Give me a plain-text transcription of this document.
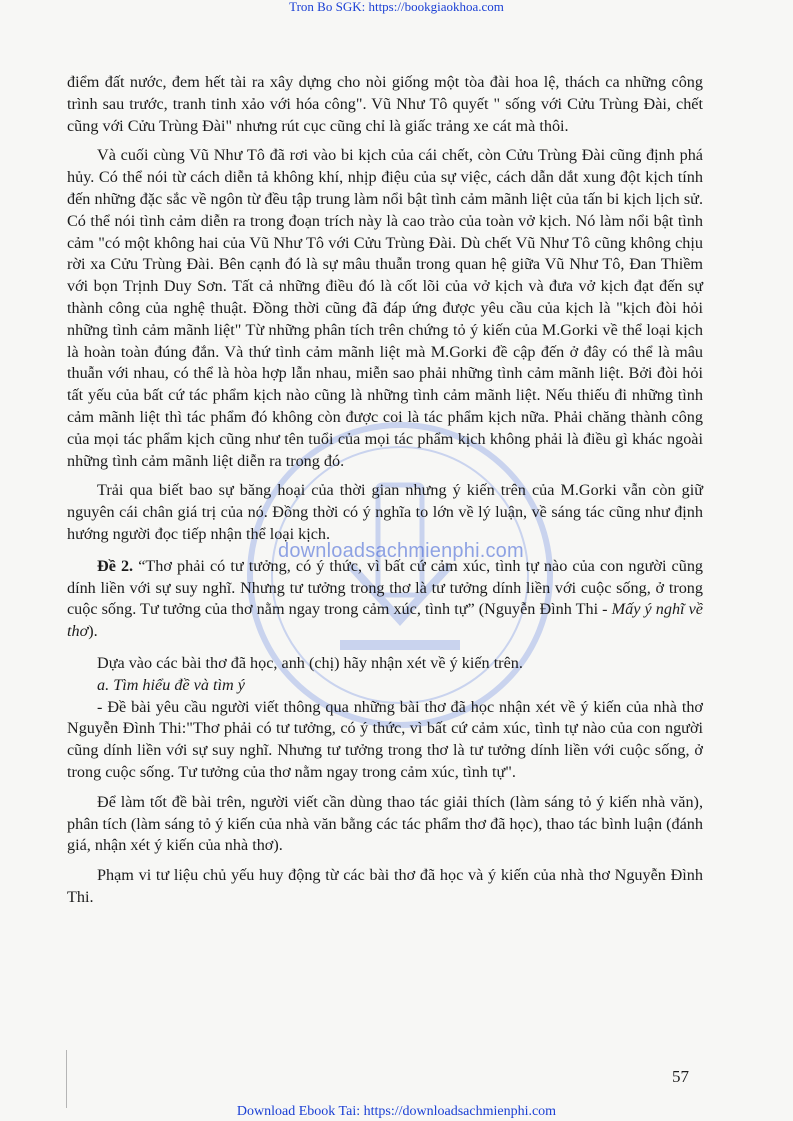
Tron Bo SGK: https://bookgiaokhoa.com
downloadsachmienphi.com

điểm đất nước, đem hết tài ra xây dựng cho nòi giống một tòa đài hoa lệ, thách ca những công trình sau trước, tranh tinh xảo với hóa công". Vũ Như Tô quyết " sống với Cửu Trùng Đài, chết cũng với Cửu Trùng Đài" nhưng rút cục cũng chỉ là giấc trảng xe cát mà thôi.

Và cuối cùng Vũ Như Tô đã rơi vào bi kịch của cái chết, còn Cửu Trùng Đài cũng định phá hủy. Có thể nói từ cách diễn tả không khí, nhịp điệu của sự việc, cách dẫn dắt xung đột kịch tính đến những đặc sắc về ngôn từ đều tập trung làm nổi bật tình cảm mãnh liệt của tấn bi kịch lịch sử. Có thể nói tình cảm diễn ra trong đoạn trích này là cao trào của toàn vở kịch. Nó làm nổi bật tình cảm "có một không hai của Vũ Như Tô với Cửu Trùng Đài. Dù chết Vũ Như Tô cũng không chịu rời xa Cửu Trùng Đài. Bên cạnh đó là sự mâu thuẫn trong quan hệ giữa Vũ Như Tô, Đan Thiềm với bọn Trịnh Duy Sơn. Tất cả những điều đó là cốt lõi của vở kịch và đưa vở kịch đạt đến sự thành công của nghệ thuật. Đồng thời cũng đã đáp ứng được yêu cầu của kịch là "kịch đòi hỏi những tình cảm mãnh liệt" Từ những phân tích trên chứng tỏ ý kiến của M.Gorki về thể loại kịch là hoàn toàn đúng đắn. Và thứ tình cảm mãnh liệt mà M.Gorki đề cập đến ở đây có thể là mâu thuẫn với nhau, có thể là hòa hợp lẫn nhau, miễn sao phải những tình cảm mãnh liệt. Bởi đòi hỏi tất yếu của bất cứ tác phẩm kịch nào cũng là những tình cảm mãnh liệt. Nếu thiếu đi những tình cảm mãnh liệt thì tác phẩm đó không còn được coi là tác phẩm kịch nữa. Phải chăng thành công của mọi tác phẩm kịch cũng như tên tuổi của mọi tác phẩm kịch không phải là điều gì khác ngoài những tình cảm mãnh liệt diễn ra trong đó.

Trải qua biết bao sự băng hoại của thời gian nhưng ý kiến trên của M.Gorki vẫn còn giữ nguyên cái chân giá trị của nó. Đồng thời có ý nghĩa to lớn về lý luận, về sáng tác cũng như định hướng người đọc tiếp nhận thể loại kịch.

Đề 2. “Thơ phải có tư tưởng, có ý thức, vì bất cứ cảm xúc, tình tự nào của con người cũng dính liền với sự suy nghĩ. Nhưng tư tưởng trong thơ là tư tưởng dính liền với cuộc sống, ở trong cuộc sống. Tư tưởng của thơ nằm ngay trong cảm xúc, tình tự” (Nguyễn Đình Thi - Mấy ý nghĩ về thơ).

Dựa vào các bài thơ đã học, anh (chị) hãy nhận xét về ý kiến trên.

a. Tìm hiểu đề và tìm ý

- Đề bài yêu cầu người viết thông qua những bài thơ đã học nhận xét về ý kiến của nhà thơ Nguyễn Đình Thi:"Thơ phải có tư tưởng, có ý thức, vì bất cứ cảm xúc, tình tự nào của con người cũng dính liền với sự suy nghĩ. Nhưng tư tưởng trong thơ là tư tưởng dính liền với cuộc sống, ở trong cuộc sống. Tư tưởng của thơ nằm ngay trong cảm xúc, tình tự".

Để làm tốt đề bài trên, người viết cần dùng thao tác giải thích (làm sáng tỏ ý kiến nhà văn), phân tích (làm sáng tỏ ý kiến của nhà văn bằng các tác phẩm thơ đã học), thao tác bình luận (đánh giá, nhận xét ý kiến của nhà thơ).

Phạm vi tư liệu chủ yếu huy động từ các bài thơ đã học và ý kiến của nhà thơ Nguyễn Đình Thi.

57
Download Ebook Tai: https://downloadsachmienphi.com
